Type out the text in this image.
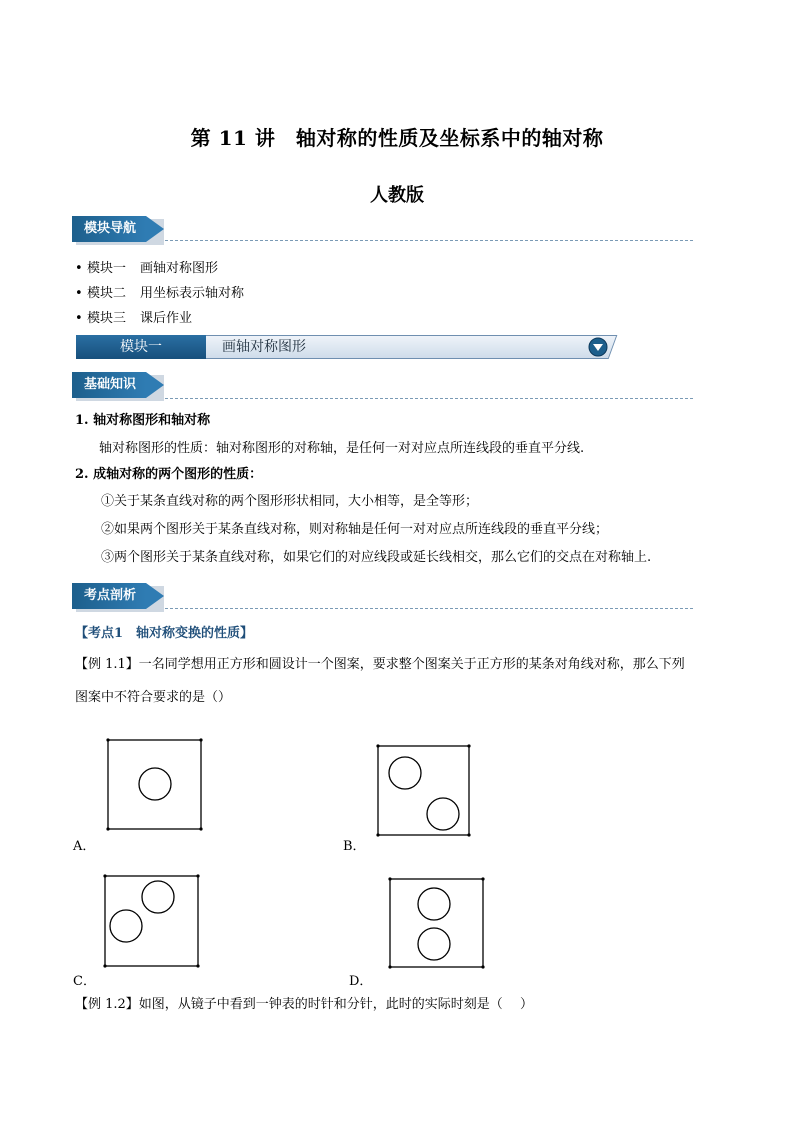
第 11 讲　轴对称的性质及坐标系中的轴对称
人教版
模块导航
• 模块一 画轴对称图形
• 模块二 用坐标表示轴对称
• 模块三 课后作业
模块一	画轴对称图形
基础知识
1. 轴对称图形和轴对称
轴对称图形的性质：轴对称图形的对称轴，是任何一对对应点所连线段的垂直平分线.
2. 成轴对称的两个图形的性质：
①关于某条直线对称的两个图形形状相同，大小相等，是全等形；
②如果两个图形关于某条直线对称，则对称轴是任何一对对应点所连线段的垂直平分线；
③两个图形关于某条直线对称，如果它们的对应线段或延长线相交，那么它们的交点在对称轴上.
考点剖析
【考点1　轴对称变换的性质】
【例 1.1】一名同学想用正方形和圆设计一个图案，要求整个图案关于正方形的某条对角线对称，那么下列
图案中不符合要求的是（）
A．	B．
C．	D．
【例 1.2】如图，从镜子中看到一钟表的时针和分针，此时的实际时刻是（　 ）
